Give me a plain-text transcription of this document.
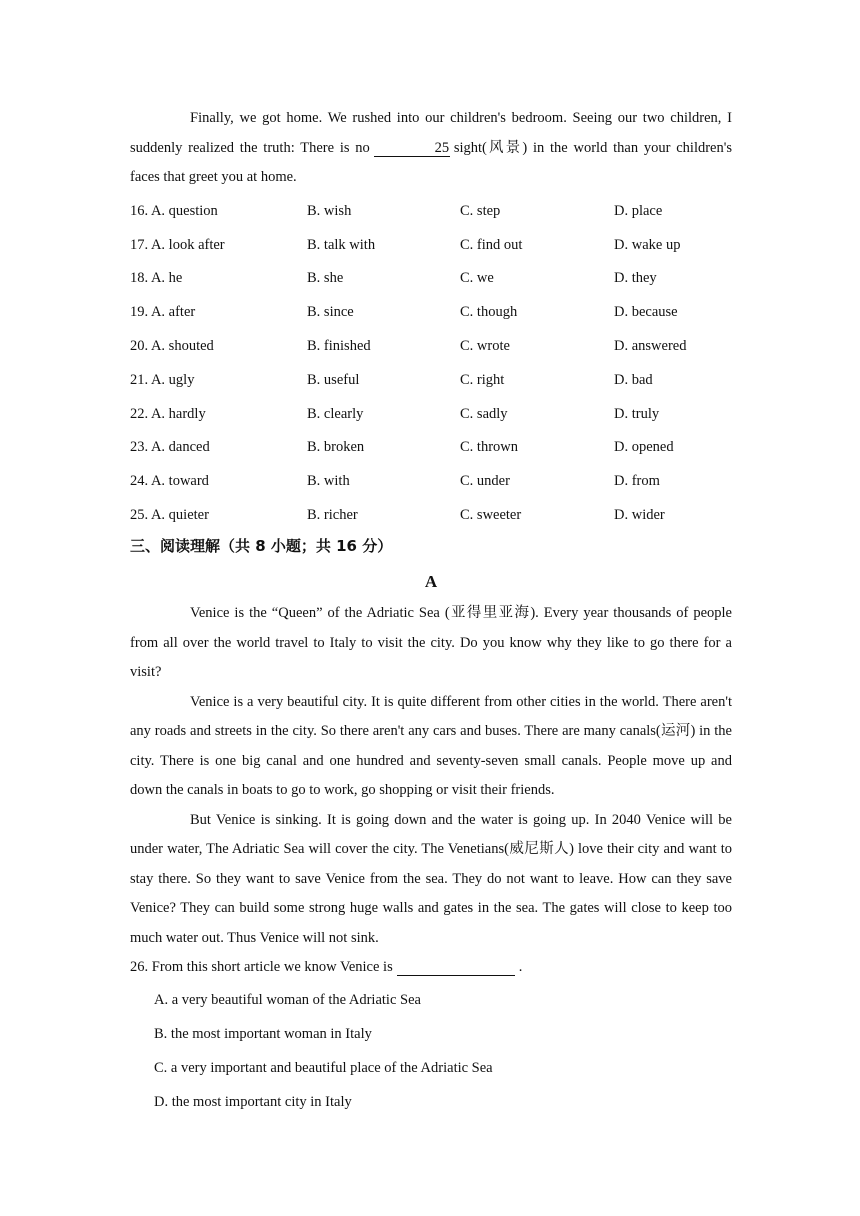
Finally, we got home. We rushed into our children's bedroom. Seeing our two children, I suddenly realized the truth: There is no	25 sight(风景) in the world than your children's faces that greet you at home.

16. A. question	B. wish	C. step	D. place
17. A. look after	B. talk with	C. find out	D. wake up
18. A. he	B. she	C. we	D. they
19. A. after	B. since	C. though	D. because
20. A. shouted	B. finished	C. wrote	D. answered
21. A. ugly	B. useful	C. right	D. bad
22. A. hardly	B. clearly	C. sadly	D. truly
23. A. danced	B. broken	C. thrown	D. opened
24. A. toward	B. with	C. under	D. from
25. A. quieter	B. richer	C. sweeter	D. wider
三、阅读理解（共 8 小题；共 16 分）
A

Venice is the “Queen” of the Adriatic Sea (亚得里亚海). Every year thousands of people from all over the world travel to Italy to visit the city. Do you know why they like to go there for a visit?

Venice is a very beautiful city. It is quite different from other cities in the world. There aren't any roads and streets in the city. So there aren't any cars and buses. There are many canals(运河) in the city. There is one big canal and one hundred and seventy-seven small canals. People move up and down the canals in boats to go to work, go shopping or visit their friends.

But Venice is sinking. It is going down and the water is going up. In 2040 Venice will be under water, The Adriatic Sea will cover the city. The Venetians(威尼斯人) love their city and want to stay there. So they want to save Venice from the sea. They do not want to leave. How can they save Venice? They can build some strong huge walls and gates in the sea. The gates will close to keep too much water out. Thus Venice will not sink.

26. From this short article we know Venice is	.
A. a very beautiful woman of the Adriatic Sea
B. the most important woman in Italy
C. a very important and beautiful place of the Adriatic Sea
D. the most important city in Italy
